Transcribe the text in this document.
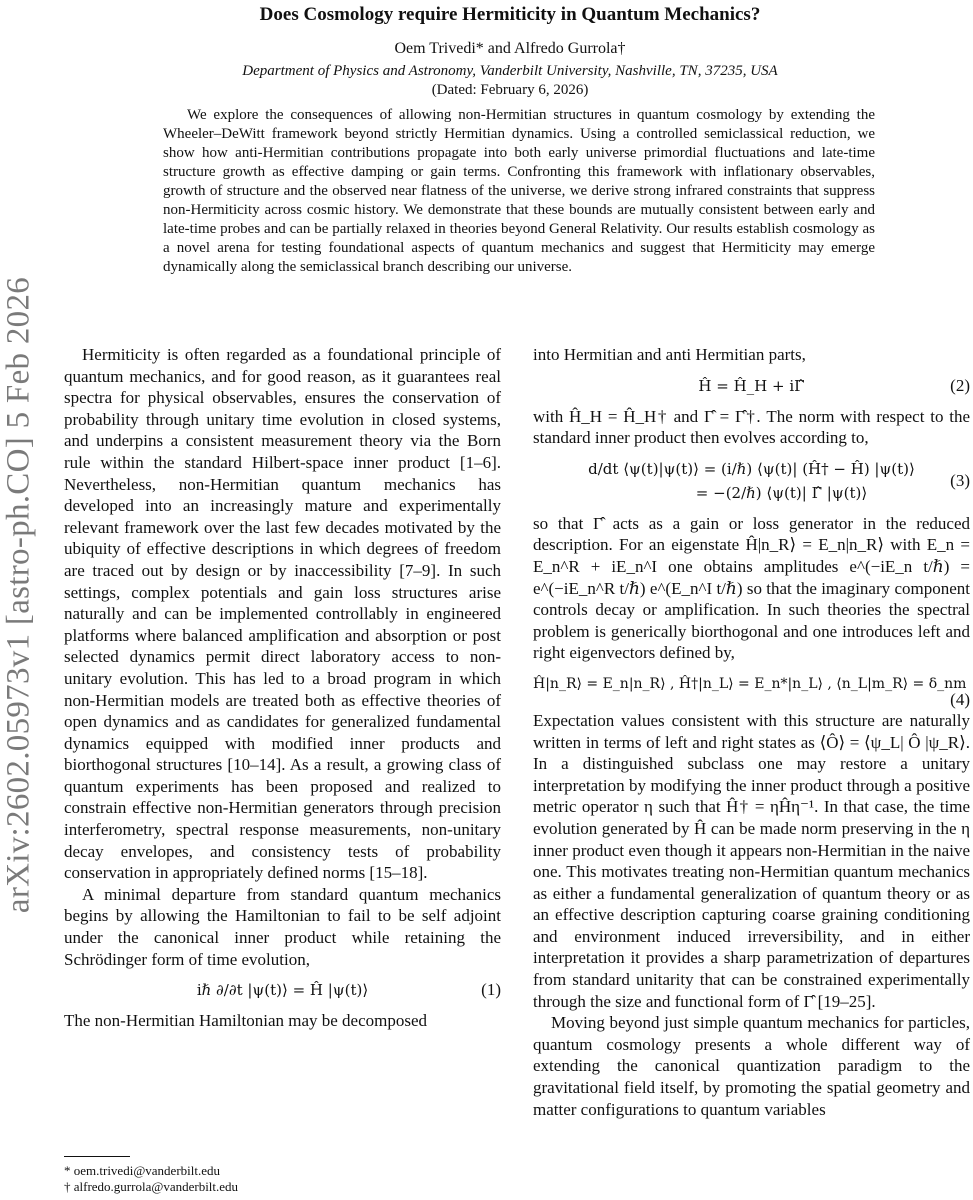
arXiv:2602.05973v1 [astro-ph.CO] 5 Feb 2026
Does Cosmology require Hermiticity in Quantum Mechanics?
Oem Trivedi* and Alfredo Gurrola†
Department of Physics and Astronomy, Vanderbilt University, Nashville, TN, 37235, USA
(Dated: February 6, 2026)
We explore the consequences of allowing non-Hermitian structures in quantum cosmology by extending the Wheeler–DeWitt framework beyond strictly Hermitian dynamics. Using a controlled semiclassical reduction, we show how anti-Hermitian contributions propagate into both early universe primordial fluctuations and late-time structure growth as effective damping or gain terms. Confronting this framework with inflationary observables, growth of structure and the observed near flatness of the universe, we derive strong infrared constraints that suppress non-Hermiticity across cosmic history. We demonstrate that these bounds are mutually consistent between early and late-time probes and can be partially relaxed in theories beyond General Relativity. Our results establish cosmology as a novel arena for testing foundational aspects of quantum mechanics and suggest that Hermiticity may emerge dynamically along the semiclassical branch describing our universe.

Hermiticity is often regarded as a foundational principle of quantum mechanics, and for good reason, as it guarantees real spectra for physical observables, ensures the conservation of probability through unitary time evolution in closed systems, and underpins a consistent measurement theory via the Born rule within the standard Hilbert-space inner product [1–6]. Nevertheless, non-Hermitian quantum mechanics has developed into an increasingly mature and experimentally relevant framework over the last few decades motivated by the ubiquity of effective descriptions in which degrees of freedom are traced out by design or by inaccessibility [7–9]. In such settings, complex potentials and gain loss structures arise naturally and can be implemented controllably in engineered platforms where balanced amplification and absorption or post selected dynamics permit direct laboratory access to non-unitary evolution. This has led to a broad program in which non-Hermitian models are treated both as effective theories of open dynamics and as candidates for generalized fundamental dynamics equipped with modified inner products and biorthogonal structures [10–14]. As a result, a growing class of quantum experiments has been proposed and realized to constrain effective non-Hermitian generators through precision interferometry, spectral response measurements, non-unitary decay envelopes, and consistency tests of probability conservation in appropriately defined norms [15–18].

A minimal departure from standard quantum mechanics begins by allowing the Hamiltonian to fail to be self adjoint under the canonical inner product while retaining the Schrödinger form of time evolution,

iℏ ∂/∂t |ψ(t)⟩ = Ĥ |ψ(t)⟩	(1)

The non-Hermitian Hamiltonian may be decomposed

into Hermitian and anti Hermitian parts,

Ĥ = Ĥ_H + iΓ̂	(2)

with Ĥ_H = Ĥ_H† and Γ̂ = Γ̂†. The norm with respect to the standard inner product then evolves according to,

d/dt ⟨ψ(t)|ψ(t)⟩ = (i/ℏ) ⟨ψ(t)| (Ĥ† − Ĥ) |ψ(t)⟩
= −(2/ℏ) ⟨ψ(t)| Γ̂ |ψ(t)⟩
(3)

so that Γ̂ acts as a gain or loss generator in the reduced description. For an eigenstate Ĥ|n_R⟩ = E_n|n_R⟩ with E_n = E_n^R + iE_n^I one obtains amplitudes e^(−iE_n t/ℏ) = e^(−iE_n^R t/ℏ) e^(E_n^I t/ℏ) so that the imaginary component controls decay or amplification. In such theories the spectral problem is generically biorthogonal and one introduces left and right eigenvectors defined by,

Ĥ|n_R⟩ = E_n|n_R⟩ , Ĥ†|n_L⟩ = E_n*|n_L⟩ , ⟨n_L|m_R⟩ = δ_nm
(4)

Expectation values consistent with this structure are naturally written in terms of left and right states as ⟨Ô⟩ = ⟨ψ_L| Ô |ψ_R⟩. In a distinguished subclass one may restore a unitary interpretation by modifying the inner product through a positive metric operator η such that Ĥ† = ηĤη⁻¹. In that case, the time evolution generated by Ĥ can be made norm preserving in the η inner product even though it appears non-Hermitian in the naive one. This motivates treating non-Hermitian quantum mechanics as either a fundamental generalization of quantum theory or as an effective description capturing coarse graining conditioning and environment induced irreversibility, and in either interpretation it provides a sharp parametrization of departures from standard unitarity that can be constrained experimentally through the size and functional form of Γ̂ [19–25].

Moving beyond just simple quantum mechanics for particles, quantum cosmology presents a whole different way of extending the canonical quantization paradigm to the gravitational field itself, by promoting the spatial geometry and matter configurations to quantum variables

* oem.trivedi@vanderbilt.edu
† alfredo.gurrola@vanderbilt.edu
